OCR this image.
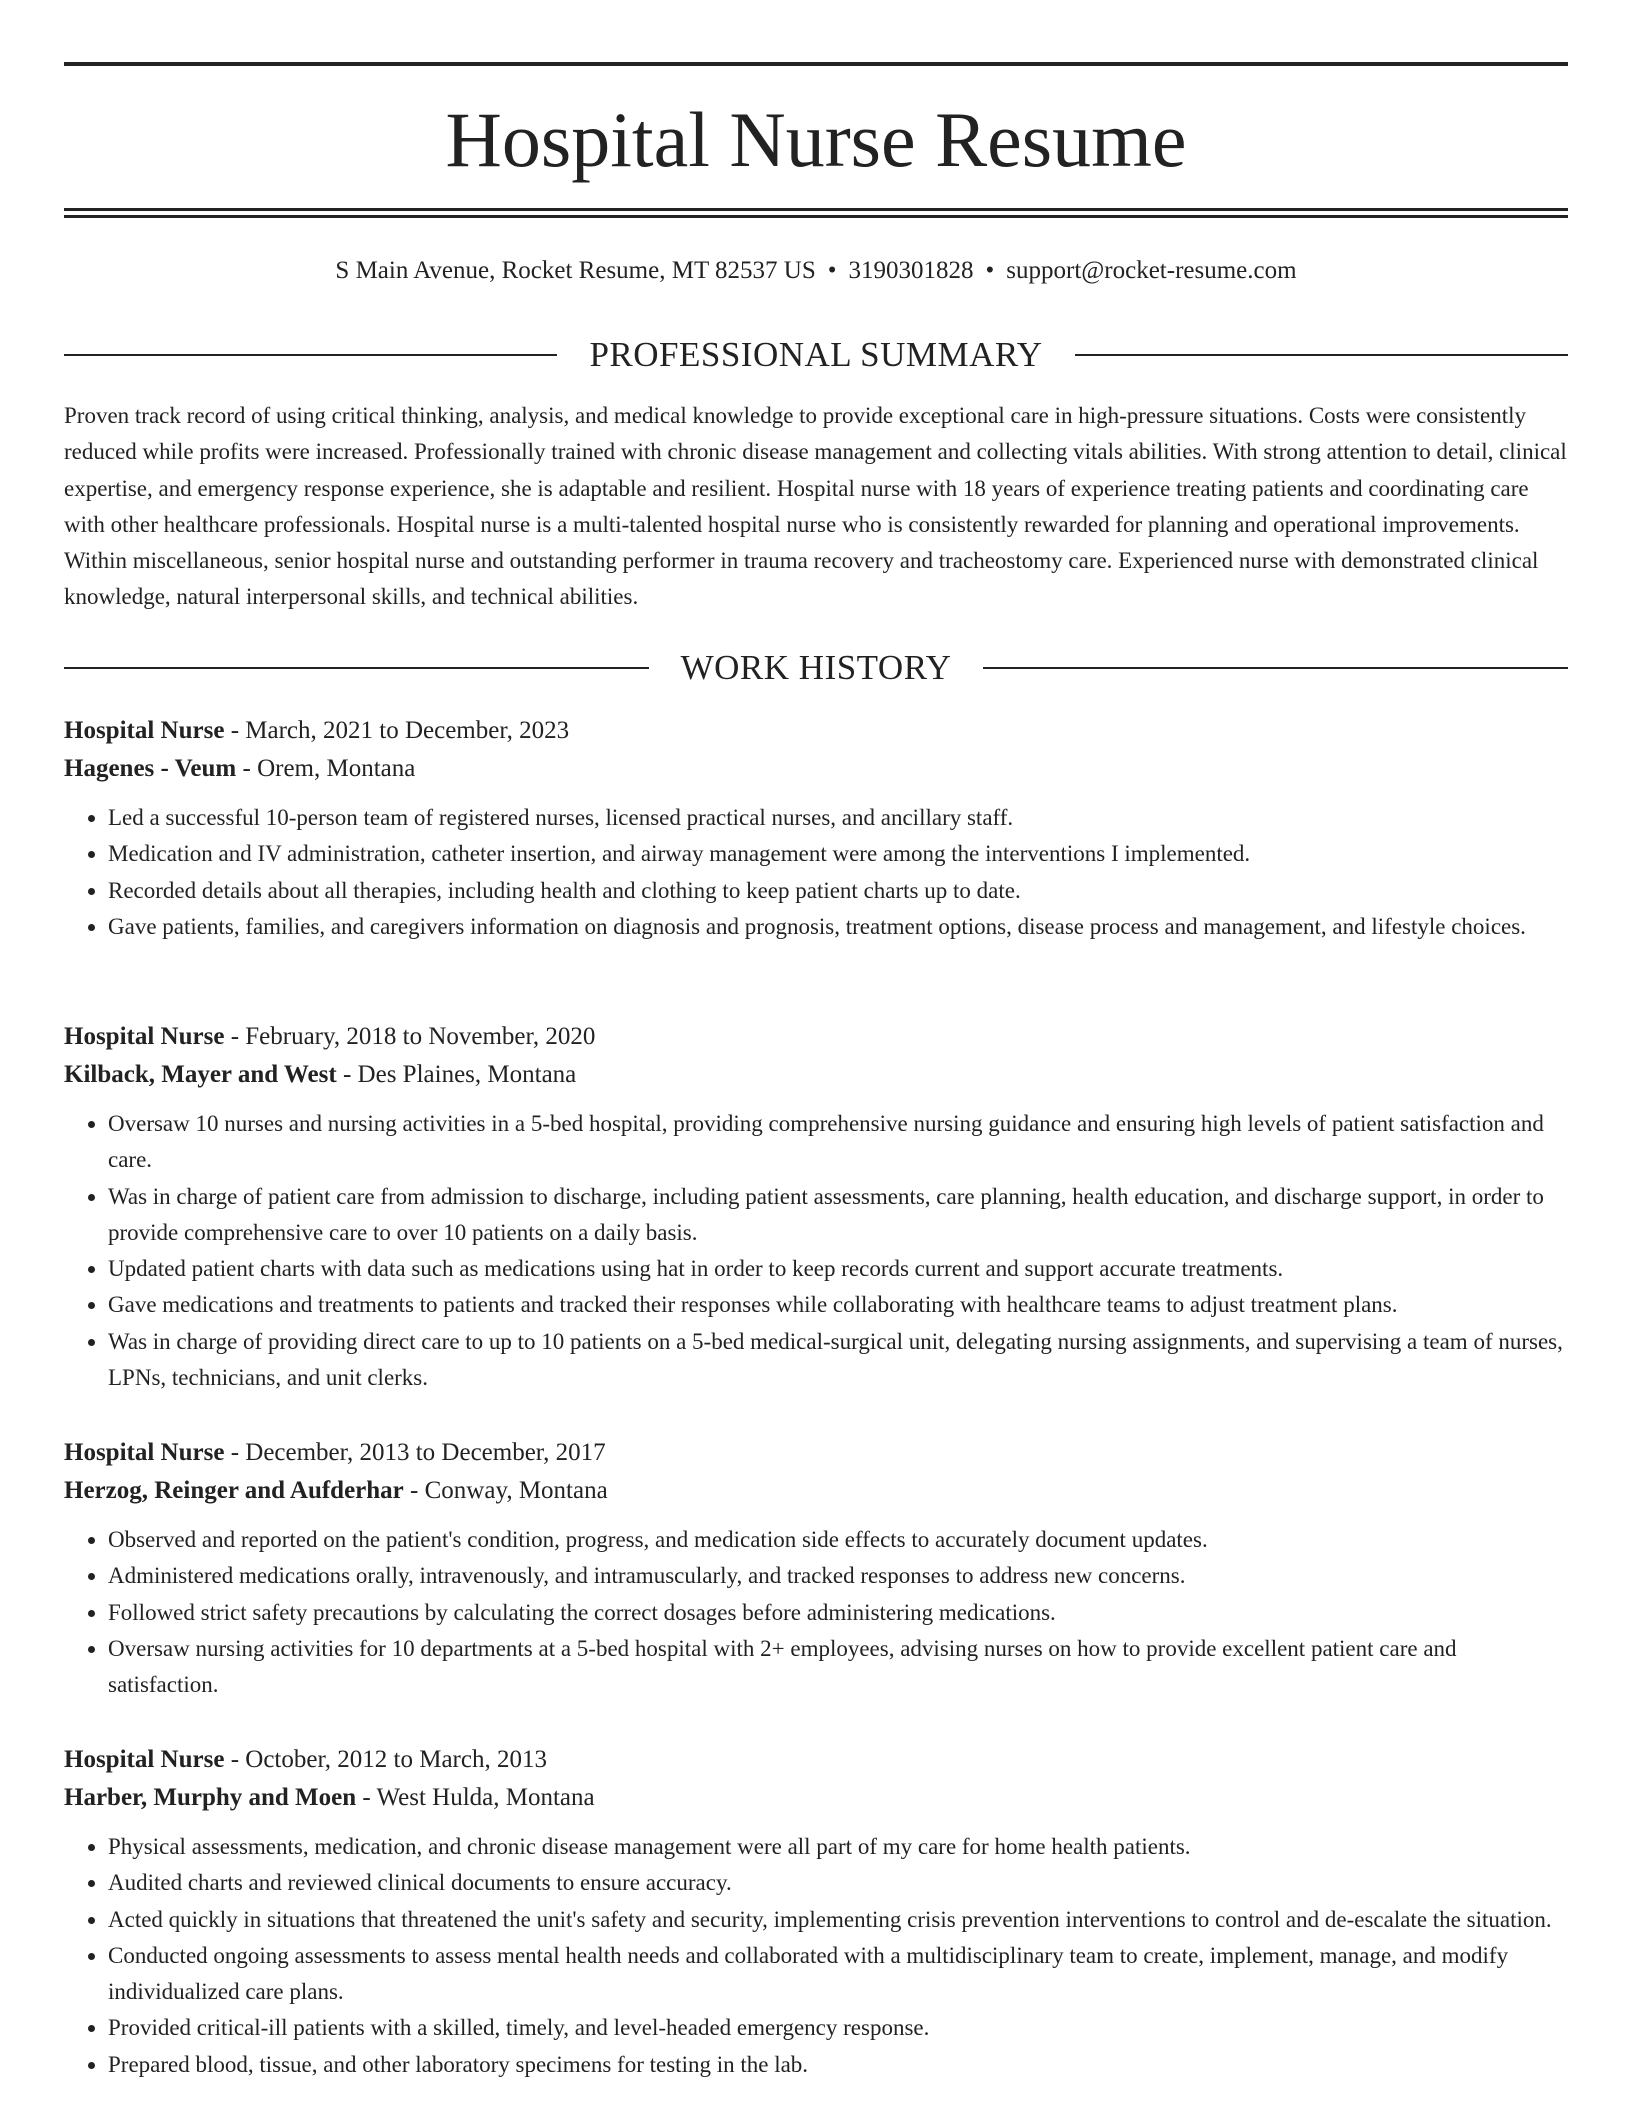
Hospital Nurse Resume
S Main Avenue, Rocket Resume, MT 82537 US • 3190301828 • support@rocket-resume.com
PROFESSIONAL SUMMARY

Proven track record of using critical thinking, analysis, and medical knowledge to provide exceptional care in high-pressure situations. Costs were consistently reduced while profits were increased. Professionally trained with chronic disease management and collecting vitals abilities. With strong attention to detail, clinical expertise, and emergency response experience, she is adaptable and resilient. Hospital nurse with 18 years of experience treating patients and coordinating care with other healthcare professionals. Hospital nurse is a multi-talented hospital nurse who is consistently rewarded for planning and operational improvements. Within miscellaneous, senior hospital nurse and outstanding performer in trauma recovery and tracheostomy care. Experienced nurse with demonstrated clinical knowledge, natural interpersonal skills, and technical abilities.

WORK HISTORY

Hospital Nurse - March, 2021 to December, 2023

Hagenes - Veum - Orem, Montana

• Led a successful 10-person team of registered nurses, licensed practical nurses, and ancillary staff.
• Medication and IV administration, catheter insertion, and airway management were among the interventions I implemented.
• Recorded details about all therapies, including health and clothing to keep patient charts up to date.
• Gave patients, families, and caregivers information on diagnosis and prognosis, treatment options, disease process and management, and lifestyle choices.

Hospital Nurse - February, 2018 to November, 2020

Kilback, Mayer and West - Des Plaines, Montana

• Oversaw 10 nurses and nursing activities in a 5-bed hospital, providing comprehensive nursing guidance and ensuring high levels of patient satisfaction and care.
• Was in charge of patient care from admission to discharge, including patient assessments, care planning, health education, and discharge support, in order to provide comprehensive care to over 10 patients on a daily basis.
• Updated patient charts with data such as medications using hat in order to keep records current and support accurate treatments.
• Gave medications and treatments to patients and tracked their responses while collaborating with healthcare teams to adjust treatment plans.
• Was in charge of providing direct care to up to 10 patients on a 5-bed medical-surgical unit, delegating nursing assignments, and supervising a team of nurses, LPNs, technicians, and unit clerks.

Hospital Nurse - December, 2013 to December, 2017

Herzog, Reinger and Aufderhar - Conway, Montana

• Observed and reported on the patient's condition, progress, and medication side effects to accurately document updates.
• Administered medications orally, intravenously, and intramuscularly, and tracked responses to address new concerns.
• Followed strict safety precautions by calculating the correct dosages before administering medications.
• Oversaw nursing activities for 10 departments at a 5-bed hospital with 2+ employees, advising nurses on how to provide excellent patient care and satisfaction.

Hospital Nurse - October, 2012 to March, 2013

Harber, Murphy and Moen - West Hulda, Montana

• Physical assessments, medication, and chronic disease management were all part of my care for home health patients.
• Audited charts and reviewed clinical documents to ensure accuracy.
• Acted quickly in situations that threatened the unit's safety and security, implementing crisis prevention interventions to control and de-escalate the situation.
• Conducted ongoing assessments to assess mental health needs and collaborated with a multidisciplinary team to create, implement, manage, and modify individualized care plans.
• Provided critical-ill patients with a skilled, timely, and level-headed emergency response.
• Prepared blood, tissue, and other laboratory specimens for testing in the lab.
